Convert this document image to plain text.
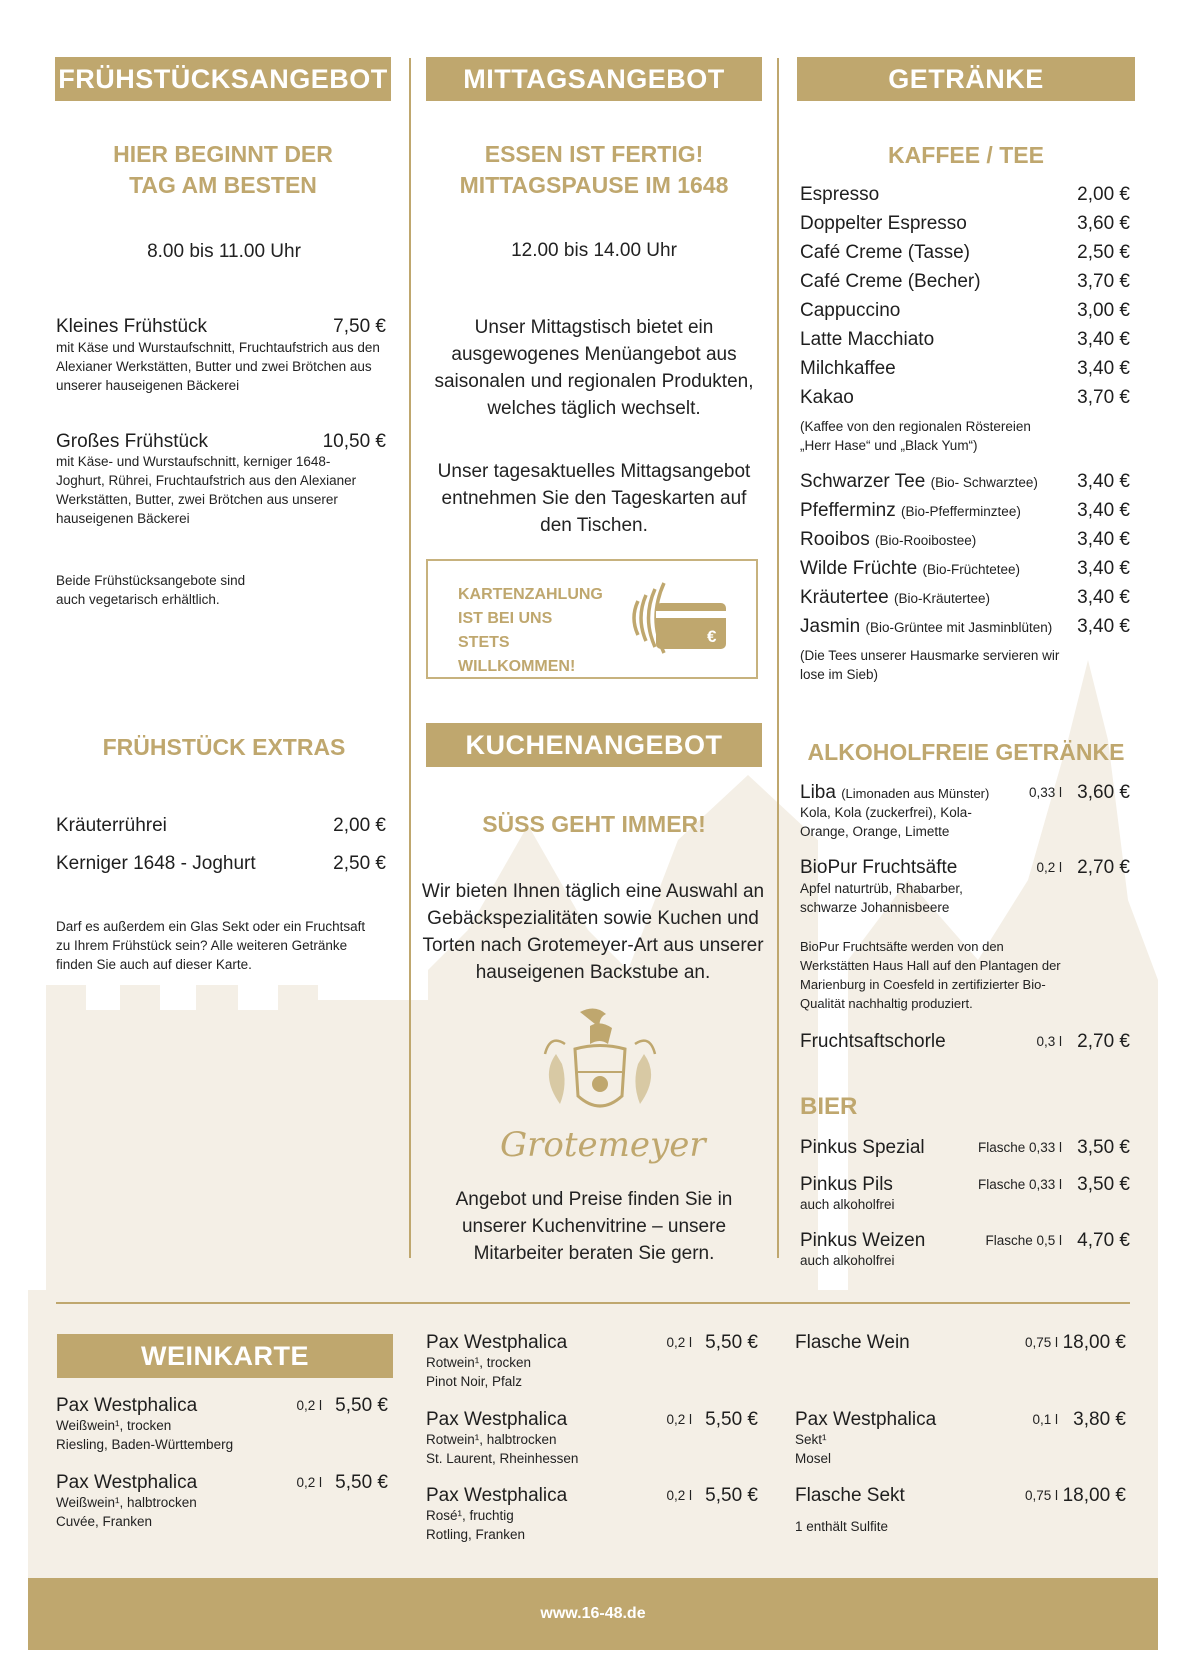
FRÜHSTÜCKSANGEBOT
HIER BEGINNT DER TAG AM BESTEN
8.00 bis 11.00 Uhr
Kleines Frühstück	7,50 €
mit Käse und Wurstaufschnitt, Fruchtaufstrich aus den Alexianer Werkstätten, Butter und zwei Brötchen aus unserer hauseigenen Bäckerei
Großes Frühstück	10,50 €
mit Käse- und Wurstaufschnitt, kerniger 1648-Joghurt, Rührei, Fruchtaufstrich aus den Alexianer Werkstätten, Butter, zwei Brötchen aus unserer hauseigenen Bäckerei
Beide Frühstücksangebote sind auch vegetarisch erhältlich.
FRÜHSTÜCK EXTRAS
Kräuterrührei	2,00 €
Kerniger 1648 - Joghurt	2,50 €
Darf es außerdem ein Glas Sekt oder ein Fruchtsaft zu Ihrem Frühstück sein? Alle weiteren Getränke finden Sie auch auf dieser Karte.
MITTAGSANGEBOT
ESSEN IST FERTIG! MITTAGSPAUSE IM 1648
12.00 bis 14.00 Uhr
Unser Mittagstisch bietet ein ausgewogenes Menüangebot aus saisonalen und regionalen Produkten, welches täglich wechselt.
Unser tagesaktuelles Mittagsangebot entnehmen Sie den Tageskarten auf den Tischen.
KARTENZAHLUNG IST BEI UNS STETS WILLKOMMEN!
€
KUCHENANGEBOT
SÜSS GEHT IMMER!
Wir bieten Ihnen täglich eine Auswahl an Gebäckspezialitäten sowie Kuchen und Torten nach Grotemeyer-Art aus unserer hauseigenen Backstube an.
Grotemeyer
Angebot und Preise finden Sie in unserer Kuchenvitrine – unsere Mitarbeiter beraten Sie gern.
GETRÄNKE
KAFFEE / TEE
Espresso	2,00 €
Doppelter Espresso	3,60 €
Café Creme (Tasse)	2,50 €
Café Creme (Becher)	3,70 €
Cappuccino	3,00 €
Latte Macchiato	3,40 €
Milchkaffee	3,40 €
Kakao	3,70 €
(Kaffee von den regionalen Röstereien „Herr Hase“ und „Black Yum“)
Schwarzer Tee (Bio- Schwarztee) 3,40 €
Pfefferminz (Bio-Pfefferminztee)	3,40 €
Rooibos (Bio-Rooibostee)	3,40 €
Wilde Früchte (Bio-Früchtetee)	3,40 €
Kräutertee (Bio-Kräutertee)	3,40 €
Jasmin (Bio-Grüntee mit Jasminblüten) 3,40 €
(Die Tees unserer Hausmarke servieren wir lose im Sieb)
ALKOHOLFREIE GETRÄNKE
Liba (Limonaden aus Münster)	0,33 l 3,60 €
Kola, Kola (zuckerfrei), Kola-Orange, Orange, Limette
BioPur Fruchtsäfte	0,2 l 2,70 €
Apfel naturtrüb, Rhabarber, schwarze Johannisbeere
BioPur Fruchtsäfte werden von den Werkstätten Haus Hall auf den Plantagen der Marienburg in Coesfeld in zertifizierter Bio-Qualität nachhaltig produziert.
Fruchtsaftschorle	0,3 l 2,70 €
BIER
Pinkus Spezial	Flasche 0,33 l 3,50 €
Pinkus Pils	Flasche 0,33 l 3,50 €
auch alkoholfrei
Pinkus Weizen	Flasche 0,5 l 4,70 €
auch alkoholfrei
WEINKARTE
Pax Westphalica	0,2 l 5,50 €
Weißwein¹, trocken
Riesling, Baden-Württemberg
Pax Westphalica	0,2 l 5,50 €
Weißwein¹, halbtrocken
Cuvée, Franken
Pax Westphalica	0,2 l 5,50 €
Rotwein¹, trocken
Pinot Noir, Pfalz
Pax Westphalica	0,2 l 5,50 €
Rotwein¹, halbtrocken
St. Laurent, Rheinhessen
Pax Westphalica	0,2 l 5,50 €
Rosé¹, fruchtig
Rotling, Franken
Flasche Wein	0,75 l 18,00 €
Pax Westphalica	0,1 l 3,80 €
Sekt¹
Mosel
Flasche Sekt	0,75 l 18,00 €
1 enthält Sulfite
www.16-48.de
